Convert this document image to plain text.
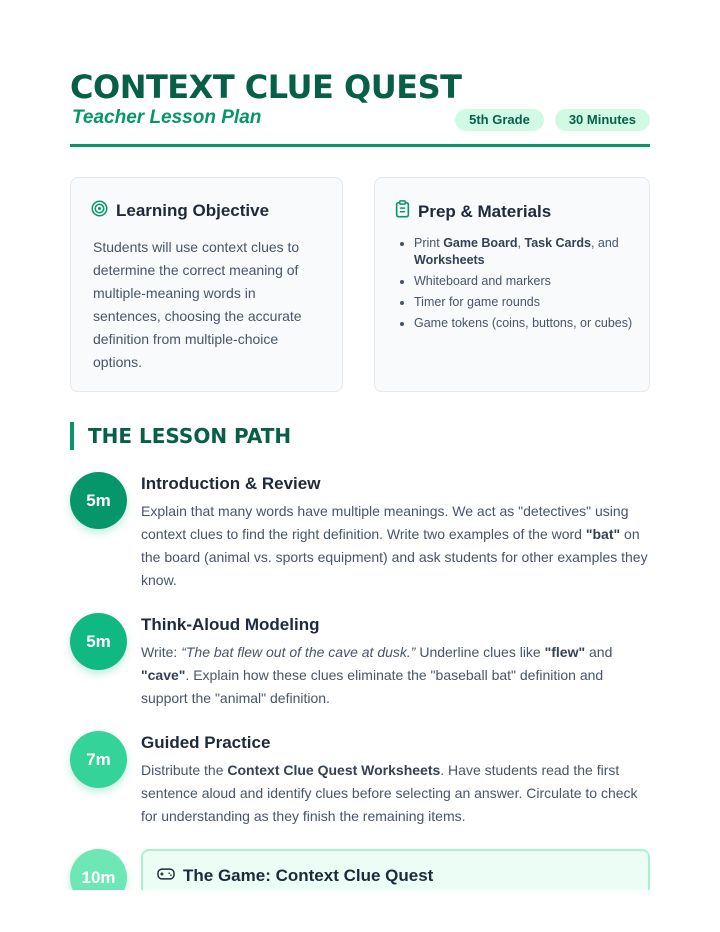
CONTEXT CLUE QUEST
Teacher Lesson Plan	5th Grade	30 Minutes
Learning Objective

Students will use context clues to determine the correct meaning of multiple-meaning words in sentences, choosing the accurate definition from multiple-choice options.

Prep & Materials
• Print Game Board, Task Cards, and Worksheets
• Whiteboard and markers
• Timer for game rounds
• Game tokens (coins, buttons, or cubes)
THE LESSON PATH
5m
Introduction & Review

Explain that many words have multiple meanings. We act as "detectives" using context clues to find the right definition. Write two examples of the word "bat" on the board (animal vs. sports equipment) and ask students for other examples they know.

5m
Think-Aloud Modeling

Write: “The bat flew out of the cave at dusk.” Underline clues like "flew" and "cave". Explain how these clues eliminate the "baseball bat" definition and support the "animal" definition.

7m
Guided Practice

Distribute the Context Clue Quest Worksheets. Have students read the first sentence aloud and identify clues before selecting an answer. Circulate to check for understanding as they finish the remaining items.

10m	The Game: Context Clue Quest
